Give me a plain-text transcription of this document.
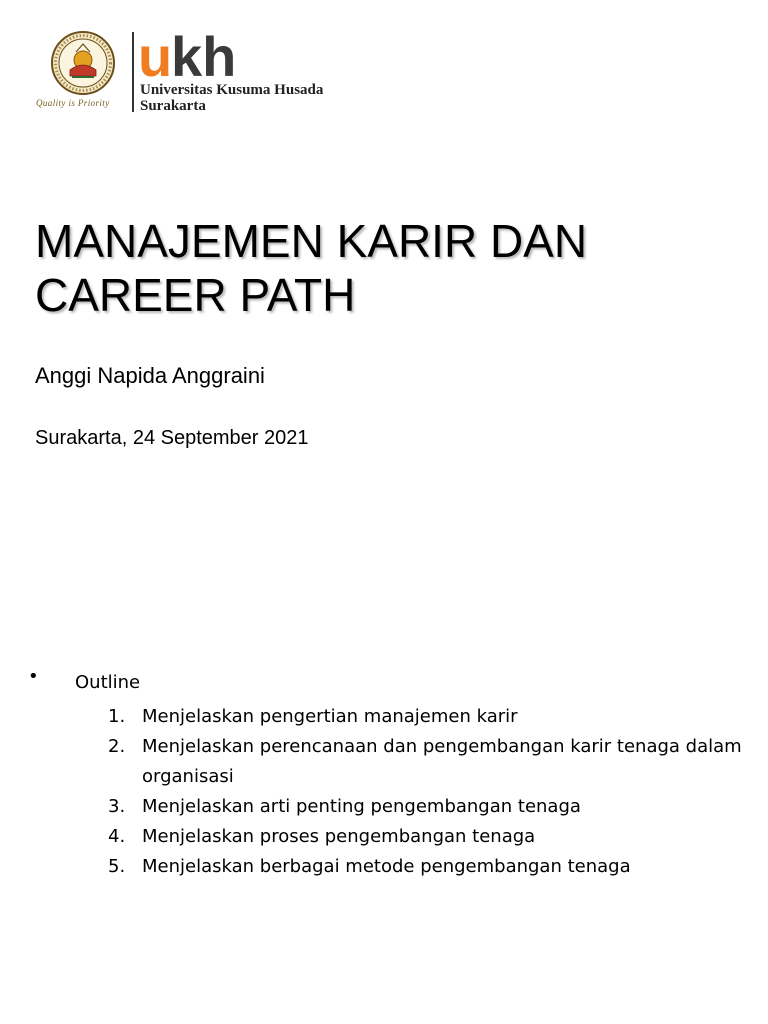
Quality is Priority
u
kh
Universitas Kusuma Husada
Surakarta
MANAJEMEN KARIR DAN
CAREER PATH
Anggi Napida Anggraini
Surakarta, 24 September 2021
• Outline
1. Menjelaskan pengertian manajemen karir
2. Menjelaskan perencanaan dan pengembangan karir tenaga dalam organisasi
3. Menjelaskan arti penting pengembangan tenaga
4. Menjelaskan proses pengembangan tenaga
5. Menjelaskan berbagai metode pengembangan tenaga
